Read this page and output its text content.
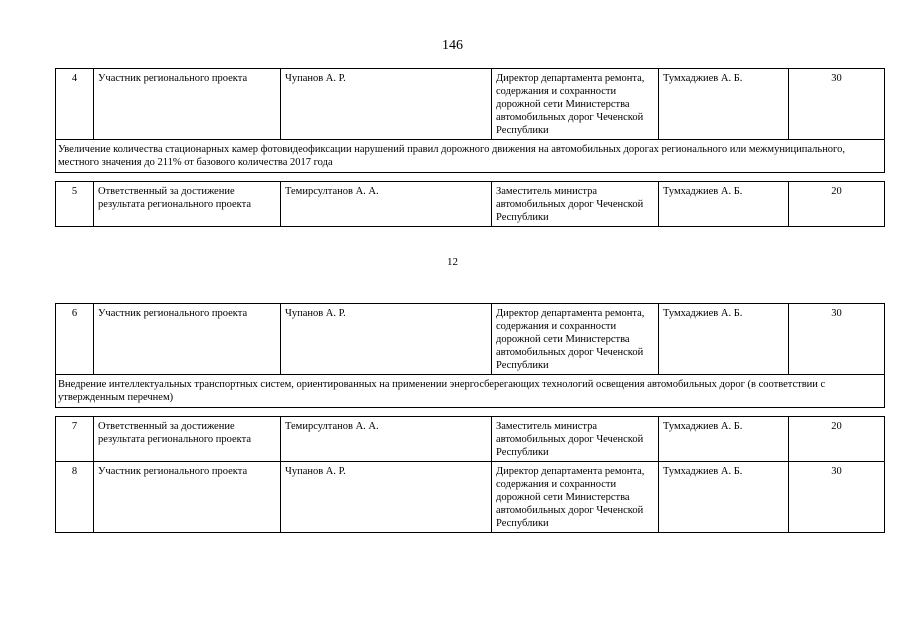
146
4	Участник регионального проекта	Чупанов А. Р.	Директор департамента ремонта, содержания и сохранности дорожной сети Министерства автомобильных дорог Чеченской Республики	Тумхаджиев А. Б.	30
Увеличение количества стационарных камер фотовидеофиксации нарушений правил дорожного движения на автомобильных дорогах регионального или межмуниципального, местного значения до 211% от базового количества 2017 года					

5	Ответственный за достижение результата регионального проекта	Темирсултанов А. А.	Заместитель министра автомобильных дорог Чеченской Республики	Тумхаджиев А. Б.	20
12
6	Участник регионального проекта	Чупанов А. Р.	Директор департамента ремонта, содержания и сохранности дорожной сети Министерства автомобильных дорог Чеченской Республики	Тумхаджиев А. Б.	30
Внедрение интеллектуальных транспортных систем, ориентированных на применении энергосберегающих технологий освещения автомобильных дорог (в соответствии с утвержденным перечнем)					

7	Ответственный за достижение результата регионального проекта	Темирсултанов А. А.	Заместитель министра автомобильных дорог Чеченской Республики	Тумхаджиев А. Б.	20
8	Участник регионального проекта	Чупанов А. Р.	Директор департамента ремонта, содержания и сохранности дорожной сети Министерства автомобильных дорог Чеченской Республики	Тумхаджиев А. Б.	30
